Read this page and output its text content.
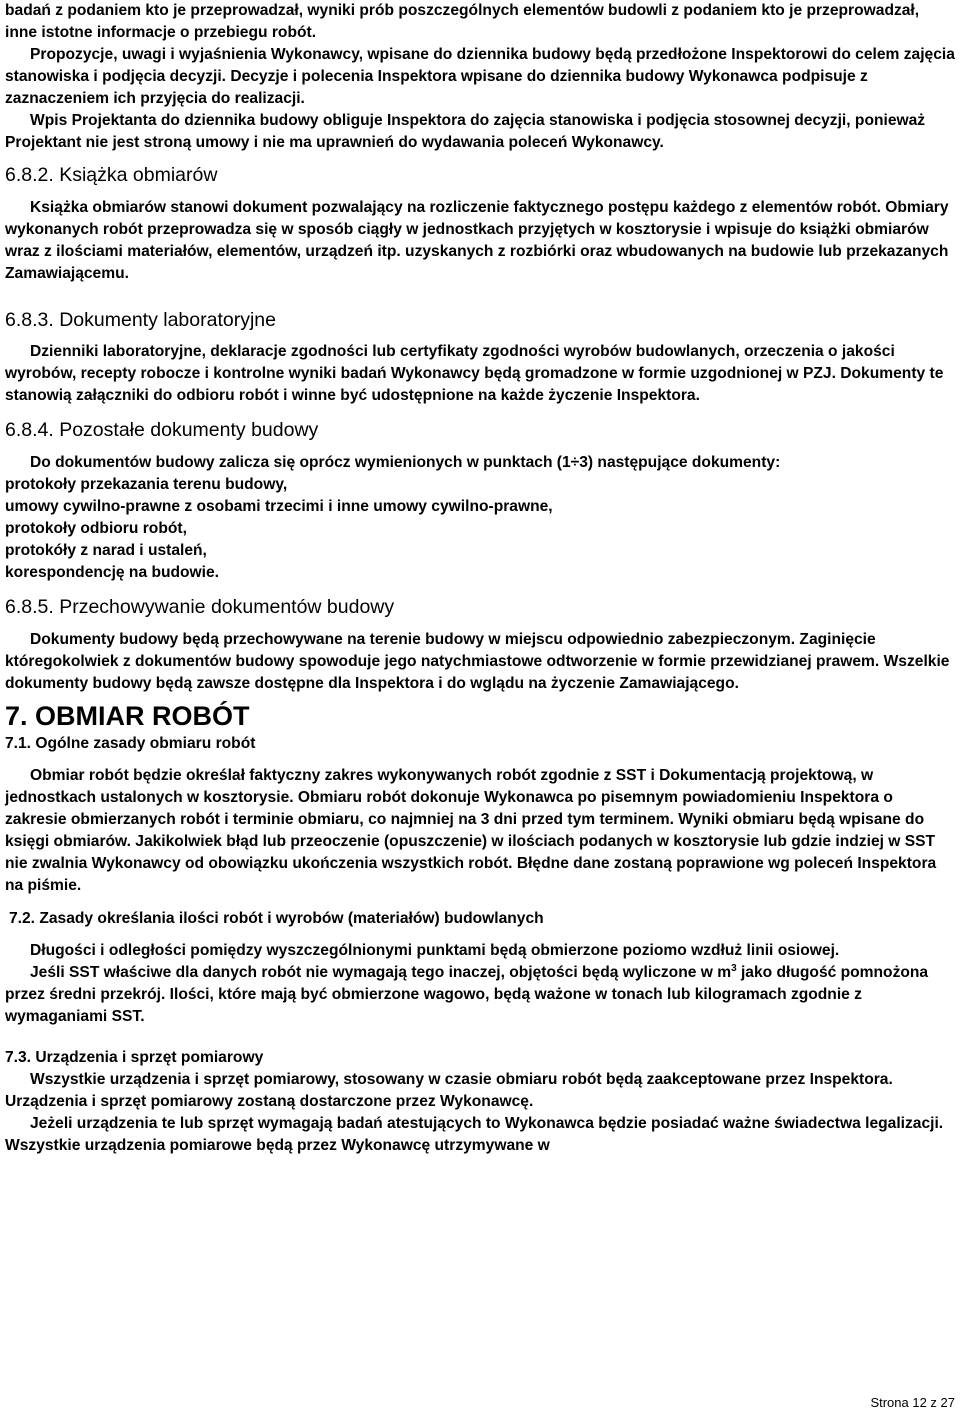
badań z podaniem kto je przeprowadzał, wyniki prób poszczególnych elementów budowli z podaniem kto je przeprowadzał, inne istotne informacje o przebiegu robót.

Propozycje, uwagi i wyjaśnienia Wykonawcy, wpisane do dziennika budowy będą przedłożone Inspektorowi do celem zajęcia stanowiska i podjęcia decyzji. Decyzje i polecenia Inspektora wpisane do dziennika budowy Wykonawca podpisuje z zaznaczeniem ich przyjęcia do realizacji.

Wpis Projektanta do dziennika budowy obliguje Inspektora do zajęcia stanowiska i podjęcia stosownej decyzji, ponieważ Projektant nie jest stroną umowy i nie ma uprawnień do wydawania poleceń Wykonawcy.

6.8.2. Książka obmiarów

Książka obmiarów stanowi dokument pozwalający na rozliczenie faktycznego postępu każdego z elementów robót. Obmiary wykonanych robót przeprowadza się w sposób ciągły w jednostkach przyjętych w kosztorysie i wpisuje do książki obmiarów wraz z ilościami materiałów, elementów, urządzeń itp. uzyskanych z rozbiórki oraz wbudowanych na budowie lub przekazanych Zamawiającemu.

6.8.3. Dokumenty laboratoryjne

Dzienniki laboratoryjne, deklaracje zgodności lub certyfikaty zgodności wyrobów budowlanych, orzeczenia o jakości wyrobów, recepty robocze i kontrolne wyniki badań Wykonawcy będą gromadzone w formie uzgodnionej w PZJ. Dokumenty te stanowią załączniki do odbioru robót i winne być udostępnione na każde życzenie Inspektora.

6.8.4. Pozostałe dokumenty budowy

Do dokumentów budowy zalicza się oprócz wymienionych w punktach (1÷3) następujące dokumenty:

protokoły przekazania terenu budowy,

umowy cywilno-prawne z osobami trzecimi i inne umowy cywilno-prawne,

protokoły odbioru robót,

protokóły z narad i ustaleń,

korespondencję na budowie.

6.8.5. Przechowywanie dokumentów budowy

Dokumenty budowy będą przechowywane na terenie budowy w miejscu odpowiednio zabezpieczonym. Zaginięcie któregokolwiek z dokumentów budowy spowoduje jego natychmiastowe odtworzenie w formie przewidzianej prawem. Wszelkie dokumenty budowy będą zawsze dostępne dla Inspektora i do wglądu na życzenie Zamawiającego.

7. OBMIAR ROBÓT

7.1. Ogólne zasady obmiaru robót

Obmiar robót będzie określał faktyczny zakres wykonywanych robót zgodnie z SST i Dokumentacją projektową, w jednostkach ustalonych w kosztorysie. Obmiaru robót dokonuje Wykonawca po pisemnym powiadomieniu Inspektora o zakresie obmierzanych robót i terminie obmiaru, co najmniej na 3 dni przed tym terminem. Wyniki obmiaru będą wpisane do księgi obmiarów. Jakikolwiek błąd lub przeoczenie (opuszczenie) w ilościach podanych w kosztorysie lub gdzie indziej w SST nie zwalnia Wykonawcy od obowiązku ukończenia wszystkich robót. Błędne dane zostaną poprawione wg poleceń Inspektora na piśmie.

7.2. Zasady określania ilości robót i wyrobów (materiałów) budowlanych

Długości i odległości pomiędzy wyszczególnionymi punktami będą obmierzone poziomo wzdłuż linii osiowej.

Jeśli SST właściwe dla danych robót nie wymagają tego inaczej, objętości będą wyliczone w $m^3$ jako długość pomnożona przez średni przekrój. Ilości, które mają być obmierzone wagowo, będą ważone w tonach lub kilogramach zgodnie z wymaganiami SST.

7.3. Urządzenia i sprzęt pomiarowy

Wszystkie urządzenia i sprzęt pomiarowy, stosowany w czasie obmiaru robót będą zaakceptowane przez Inspektora. Urządzenia i sprzęt pomiarowy zostaną dostarczone przez Wykonawcę.

Jeżeli urządzenia te lub sprzęt wymagają badań atestujących to Wykonawca będzie posiadać ważne świadectwa legalizacji. Wszystkie urządzenia pomiarowe będą przez Wykonawcę utrzymywane w

Strona 12 z 27
